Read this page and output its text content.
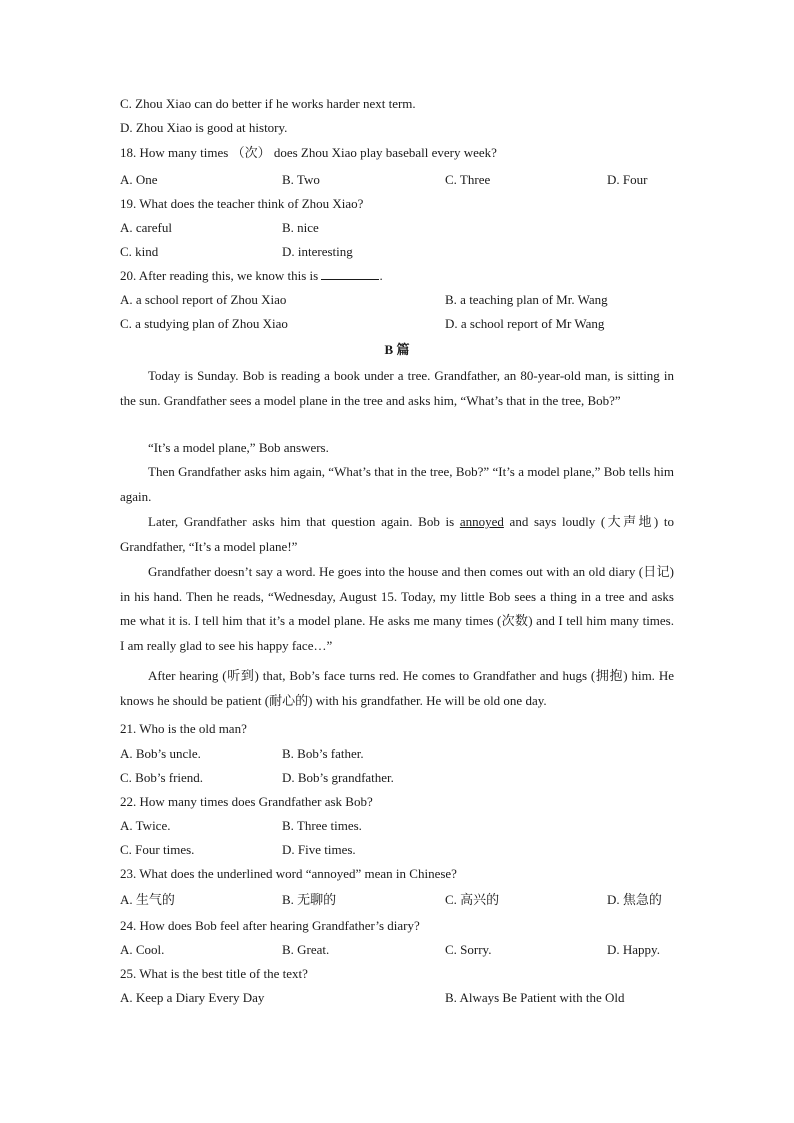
C. Zhou Xiao can do better if he works harder next term.
D. Zhou Xiao is good at history.
18. How many times （次） does Zhou Xiao play baseball every week?
A. One	B. Two	C. Three	D. Four
19. What does the teacher think of Zhou Xiao?
A. careful	B. nice
C. kind	D. interesting
20. After reading this, we know this is	.
A. a school report of Zhou Xiao	B. a teaching plan of Mr. Wang
C. a studying plan of Zhou Xiao	D. a school report of Mr Wang
B 篇
Today is Sunday. Bob is reading a book under a tree. Grandfather, an 80-year-old man, is sitting in the sun. Grandfather sees a model plane in the tree and asks him, “What’s that in the tree, Bob?”
“It’s a model plane,” Bob answers.
Then Grandfather asks him again, “What’s that in the tree, Bob?” “It’s a model plane,” Bob tells him again.
Later, Grandfather asks him that question again. Bob is annoyed and says loudly (大声地) to Grandfather, “It’s a model plane!”
Grandfather doesn’t say a word. He goes into the house and then comes out with an old diary (日记) in his hand. Then he reads, “Wednesday, August 15. Today, my little Bob sees a thing in a tree and asks me what it is. I tell him that it’s a model plane. He asks me many times (次数) and I tell him many times. I am really glad to see his happy face…”
After hearing (听到) that, Bob’s face turns red. He comes to Grandfather and hugs (拥抱) him. He knows he should be patient (耐心的) with his grandfather. He will be old one day.
21. Who is the old man?
A. Bob’s uncle.	B. Bob’s father.
C. Bob’s friend.	D. Bob’s grandfather.
22. How many times does Grandfather ask Bob?
A. Twice.	B. Three times.
C. Four times.	D. Five times.
23. What does the underlined word “annoyed” mean in Chinese?
A. 生气的	B. 无聊的	C. 高兴的	D. 焦急的
24. How does Bob feel after hearing Grandfather’s diary?
A. Cool.	B. Great.	C. Sorry.	D. Happy.
25. What is the best title of the text?
A. Keep a Diary Every Day	B. Always Be Patient with the Old
